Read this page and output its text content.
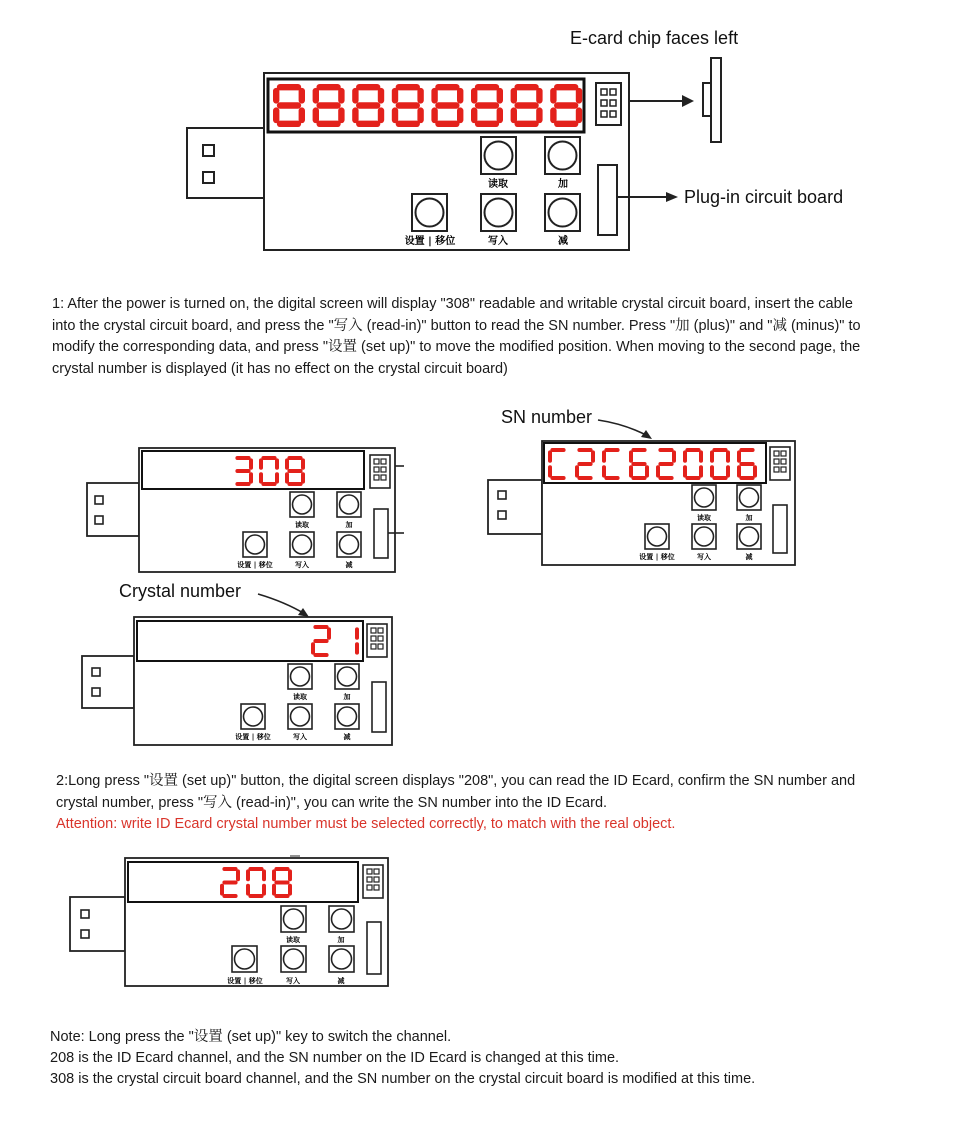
E-card chip faces left
Plug-in circuit board
读取	加
设置 | 移位	写入	减
1: After the power is turned on, the digital screen will display "308" readable and writable crystal circuit board, insert the cable into the crystal circuit board, and press the "写入 (read-in)" button to read the SN number. Press "加 (plus)" and "减 (minus)" to modify the corresponding data, and press "设置 (set up)" to move the modified position. When moving to the second page, the crystal number is displayed (it has no effect on the crystal circuit board)
读取	加
设置 | 移位	写入	减
SN number
读取	加
设置 | 移位	写入	减
Crystal number
读取	加
设置 | 移位	写入	减
2:Long press "设置 (set up)" button, the digital screen displays "208", you can read the ID Ecard, confirm the SN number and crystal number, press "写入 (read-in)", you can write the SN number into the ID Ecard.
Attention: write ID Ecard crystal number must be selected correctly, to match with the real object.
读取	加
设置 | 移位	写入	减
Note: Long press the "设置 (set up)" key to switch the channel.
208 is the ID Ecard channel, and the SN number on the ID Ecard is changed at this time.
308 is the crystal circuit board channel, and the SN number on the crystal circuit board is modified at this time.
